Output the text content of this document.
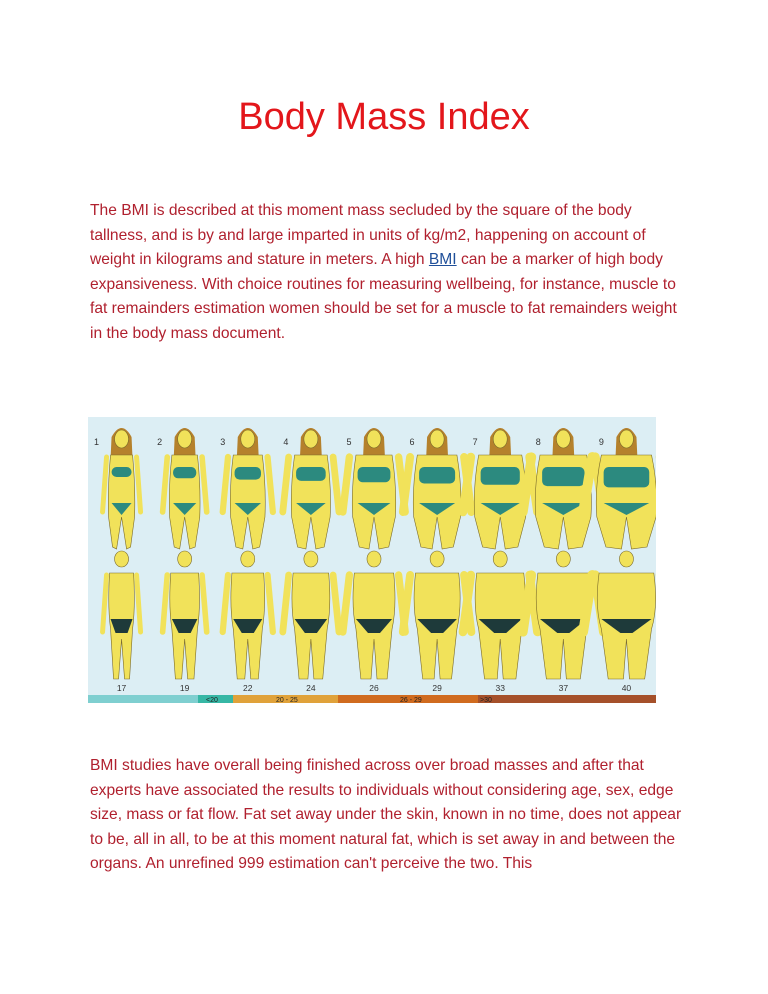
Body Mass Index
The BMI is described at this moment mass secluded by the square of the body tallness, and is by and large imparted in units of kg/m2, happening on account of weight in kilograms and stature in meters. A high BMI can be a marker of high body expansiveness. With choice routines for measuring wellbeing, for instance, muscle to fat remainders estimation women should be set for a muscle to fat remainders weight in the body mass document.
1
17
2
19
3
22
4
24
5
26
6
29
7
33
8
37
9
40
<20	20 - 25	26 - 29	>30
BMI studies have overall being finished across over broad masses and after that experts have associated the results to individuals without considering age, sex, edge size, mass or fat flow. Fat set away under the skin, known in no time, does not appear to be, all in all, to be at this moment natural fat, which is set away in and between the organs. An unrefined 999 estimation can't perceive the two. This
